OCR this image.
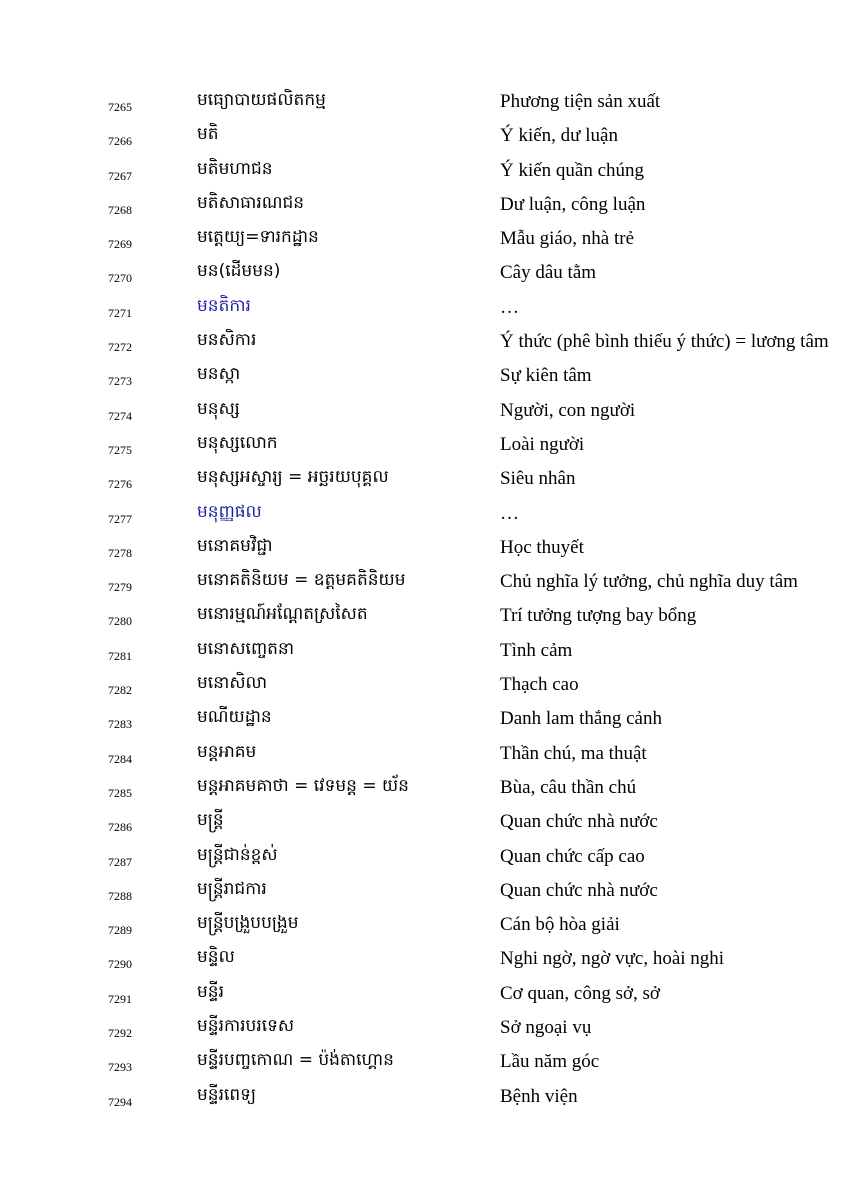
7265	មធ្យោបាយផលិតកម្ម	Phương tiện sản xuất
7266	មតិ	Ý kiến, dư luận
7267	មតិមហាជន	Ý kiến quần chúng
7268	មតិសាធារណជន	Dư luận, công luận
7269	មត្តេយ្យ=ទារកដ្ឋាន	Mẫu giáo, nhà trẻ
7270	មន(ដើមមន)	Cây dâu tằm
7271	មនតិការ	…
7272	មនសិការ	Ý thức (phê bình thiếu ý thức) = lương tâm
7273	មនស្កា	Sự kiên tâm
7274	មនុស្ស	Người, con người
7275	មនុស្សលោក	Loài người
7276	មនុស្សអស្ចារ្យ = អច្ឆរយបុគ្គល	Siêu nhân
7277	មនុញ្ញផល	…
7278	មនោគមវិជ្ជា	Học thuyết
7279	មនោគតិនិយម = ឧត្តមគតិនិយម	Chủ nghĩa lý tưởng, chủ nghĩa duy tâm
7280	មនោរម្មណ៍អណ្តែតស្រសៃត	Trí tưởng tượng bay bổng
7281	មនោសញ្ចេតនា	Tình cảm
7282	មនោសិលា	Thạch cao
7283	មណីយដ្ឋាន	Danh lam thắng cảnh
7284	មន្តអាគម	Thần chú, ma thuật
7285	មន្តអាគមគាថា = វេទមន្ត = យ័ន	Bùa, câu thần chú
7286	មន្ត្រី	Quan chức nhà nước
7287	មន្ត្រីជាន់ខ្ពស់	Quan chức cấp cao
7288	មន្ត្រីរាជការ	Quan chức nhà nước
7289	មន្ត្រីបង្រួបបង្រួម	Cán bộ hòa giải
7290	មន្ទិល	Nghi ngờ, ngờ vực, hoài nghi
7291	មន្ទីរ	Cơ quan, công sở, sở
7292	មន្ទីរការបរទេស	Sở ngoại vụ
7293	មន្ទីរបញ្ចកោណ = ប៉ង់តាហ្គោន	Lầu năm góc
7294	មន្ទីរពេទ្យ	Bệnh viện
